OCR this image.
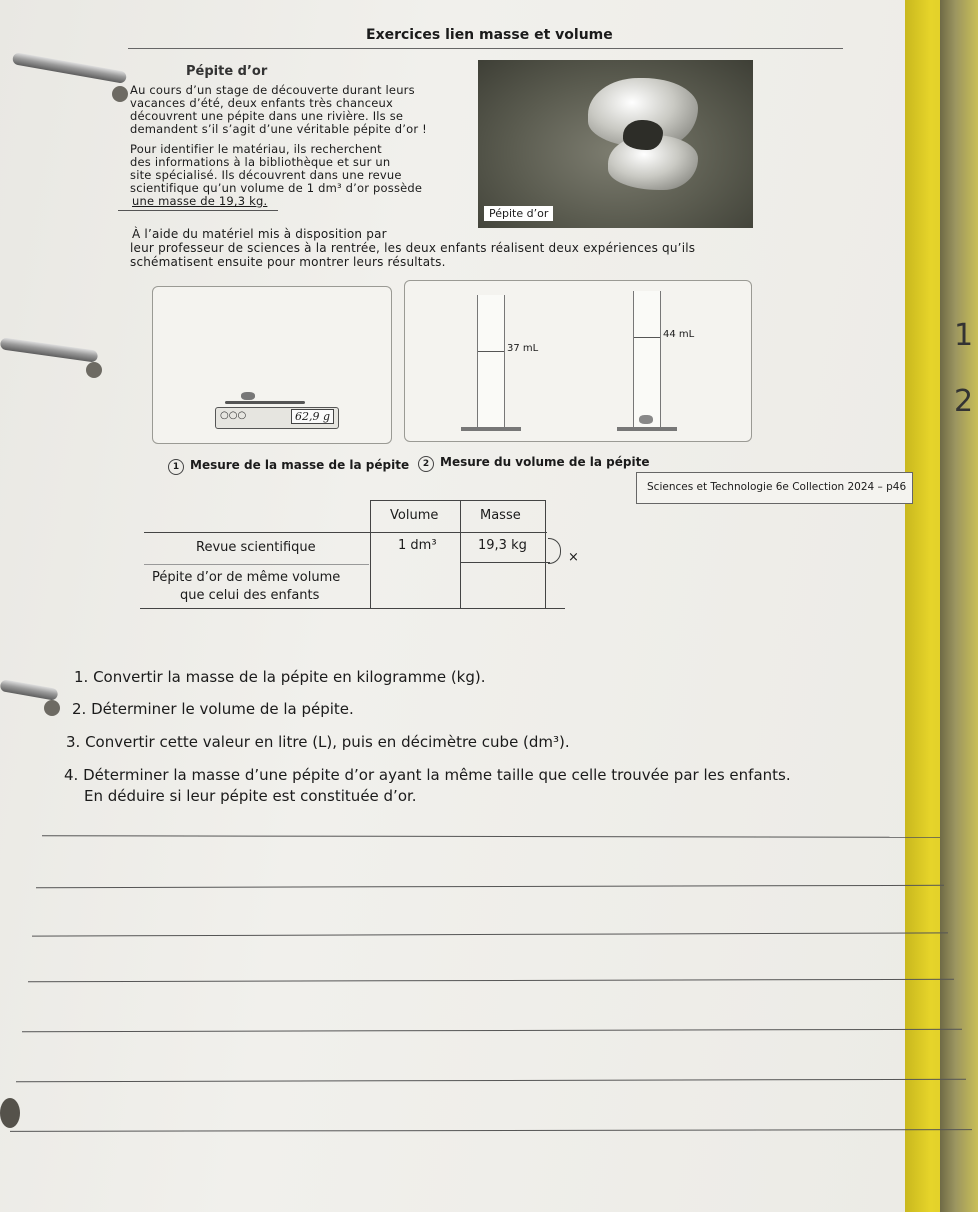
1
2
Exercices lien masse et volume
Pépite d’or
Au cours d’un stage de découverte durant leurs
vacances d’été, deux enfants très chanceux
découvrent une pépite dans une rivière. Ils se
demandent s’il s’agit d’une véritable pépite d’or !
Pour identifier le matériau, ils recherchent
des informations à la bibliothèque et sur un
site spécialisé. Ils découvrent dans une revue
scientifique qu’un volume de 1 dm³ d’or possède
une masse de 19,3 kg.
Pépite d’or
À l’aide du matériel mis à disposition par
leur professeur de sciences à la rentrée, les deux enfants réalisent deux expériences qu’ils
schématisent ensuite pour montrer leurs résultats.
○○○	62,9 g
37 mL
44 mL
1 Mesure de la masse de la pépite	2 Mesure du volume de la pépite
Sciences et Technologie 6e Collection 2024 – p46
Volume	Masse
Revue scientifique	1 dm³	19,3 kg
Pépite d’or de même volume
que celui des enfants
×
1. Convertir la masse de la pépite en kilogramme (kg).
2. Déterminer le volume de la pépite.
3. Convertir cette valeur en litre (L), puis en décimètre cube (dm³).
4. Déterminer la masse d’une pépite d’or ayant la même taille que celle trouvée par les enfants.
En déduire si leur pépite est constituée d’or.
